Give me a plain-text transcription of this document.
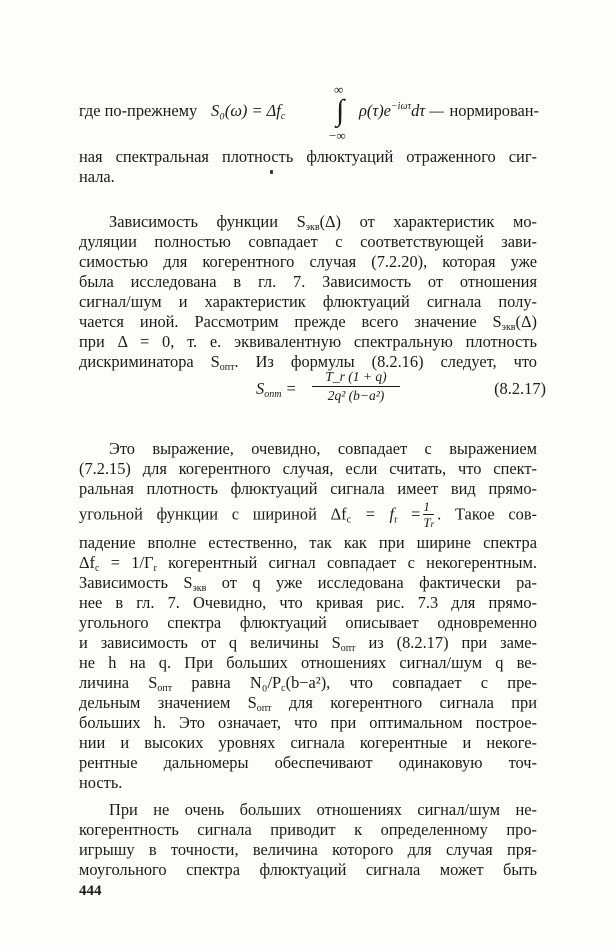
где по-прежнему $S_0(\omega) = \Delta f_c$
∞
∫
−∞
$\rho(\tau)e^{-i\omega\tau}d\tau$ — нормирован-
ная спектральная плотность флюктуаций отраженного сиг-
нала.
Зависимость функции $S_{экв}(\Delta)$ от характеристик мо-
дуляции полностью совпадает с соответствующей зави-
симостью для когерентного случая (7.2.20), которая уже
была исследована в гл. 7. Зависимость от отношения
сигнал/шум и характеристик флюктуаций сигнала полу-
чается иной. Рассмотрим прежде всего значение $S_{экв}(\Delta)$
при Δ = 0, т. е. эквивалентную спектральную плотность
дискриминатора $S_{опт}$. Из формулы (8.2.16) следует, что
$S_{опт}$ =
T_r (1 + q)
2q² (b−a²)	(8.2.17)
Это выражение, очевидно, совпадает с выражением
(7.2.15) для когерентного случая, если считать, что спект-
ральная плотность флюктуаций сигнала имеет вид прямо-
угольной функции с шириной $\Delta f_c = f_r = \frac{1}{Tr}$ . Такое сов-
падение вполне естественно, так как при ширине спектра
$\Delta f_c = 1/\Gamma_r$ когерентный сигнал совпадает с некогерентным.
Зависимость $S_{экв}$ от q уже исследована фактически ра-
нее в гл. 7. Очевидно, что кривая рис. 7.3 для прямо-
угольного спектра флюктуаций описывает одновременно
и зависимость от q величины $S_{опт}$ из (8.2.17) при заме-
не h на q. При больших отношениях сигнал/шум q ве-
личина $S_{опт}$ равна $N_0/P_c(b-a^2)$, что совпадает с пре-
дельным значением $S_{опт}$ для когерентного сигнала при
больших h. Это означает, что при оптимальном построе-
нии и высоких уровнях сигнала когерентные и некоге-
рентные дальномеры обеспечивают одинаковую точ-
ность.
При не очень больших отношениях сигнал/шум не-
когерентность сигнала приводит к определенному про-
игрышу в точности, величина которого для случая пря-
моугольного спектра флюктуаций сигнала может быть
444
